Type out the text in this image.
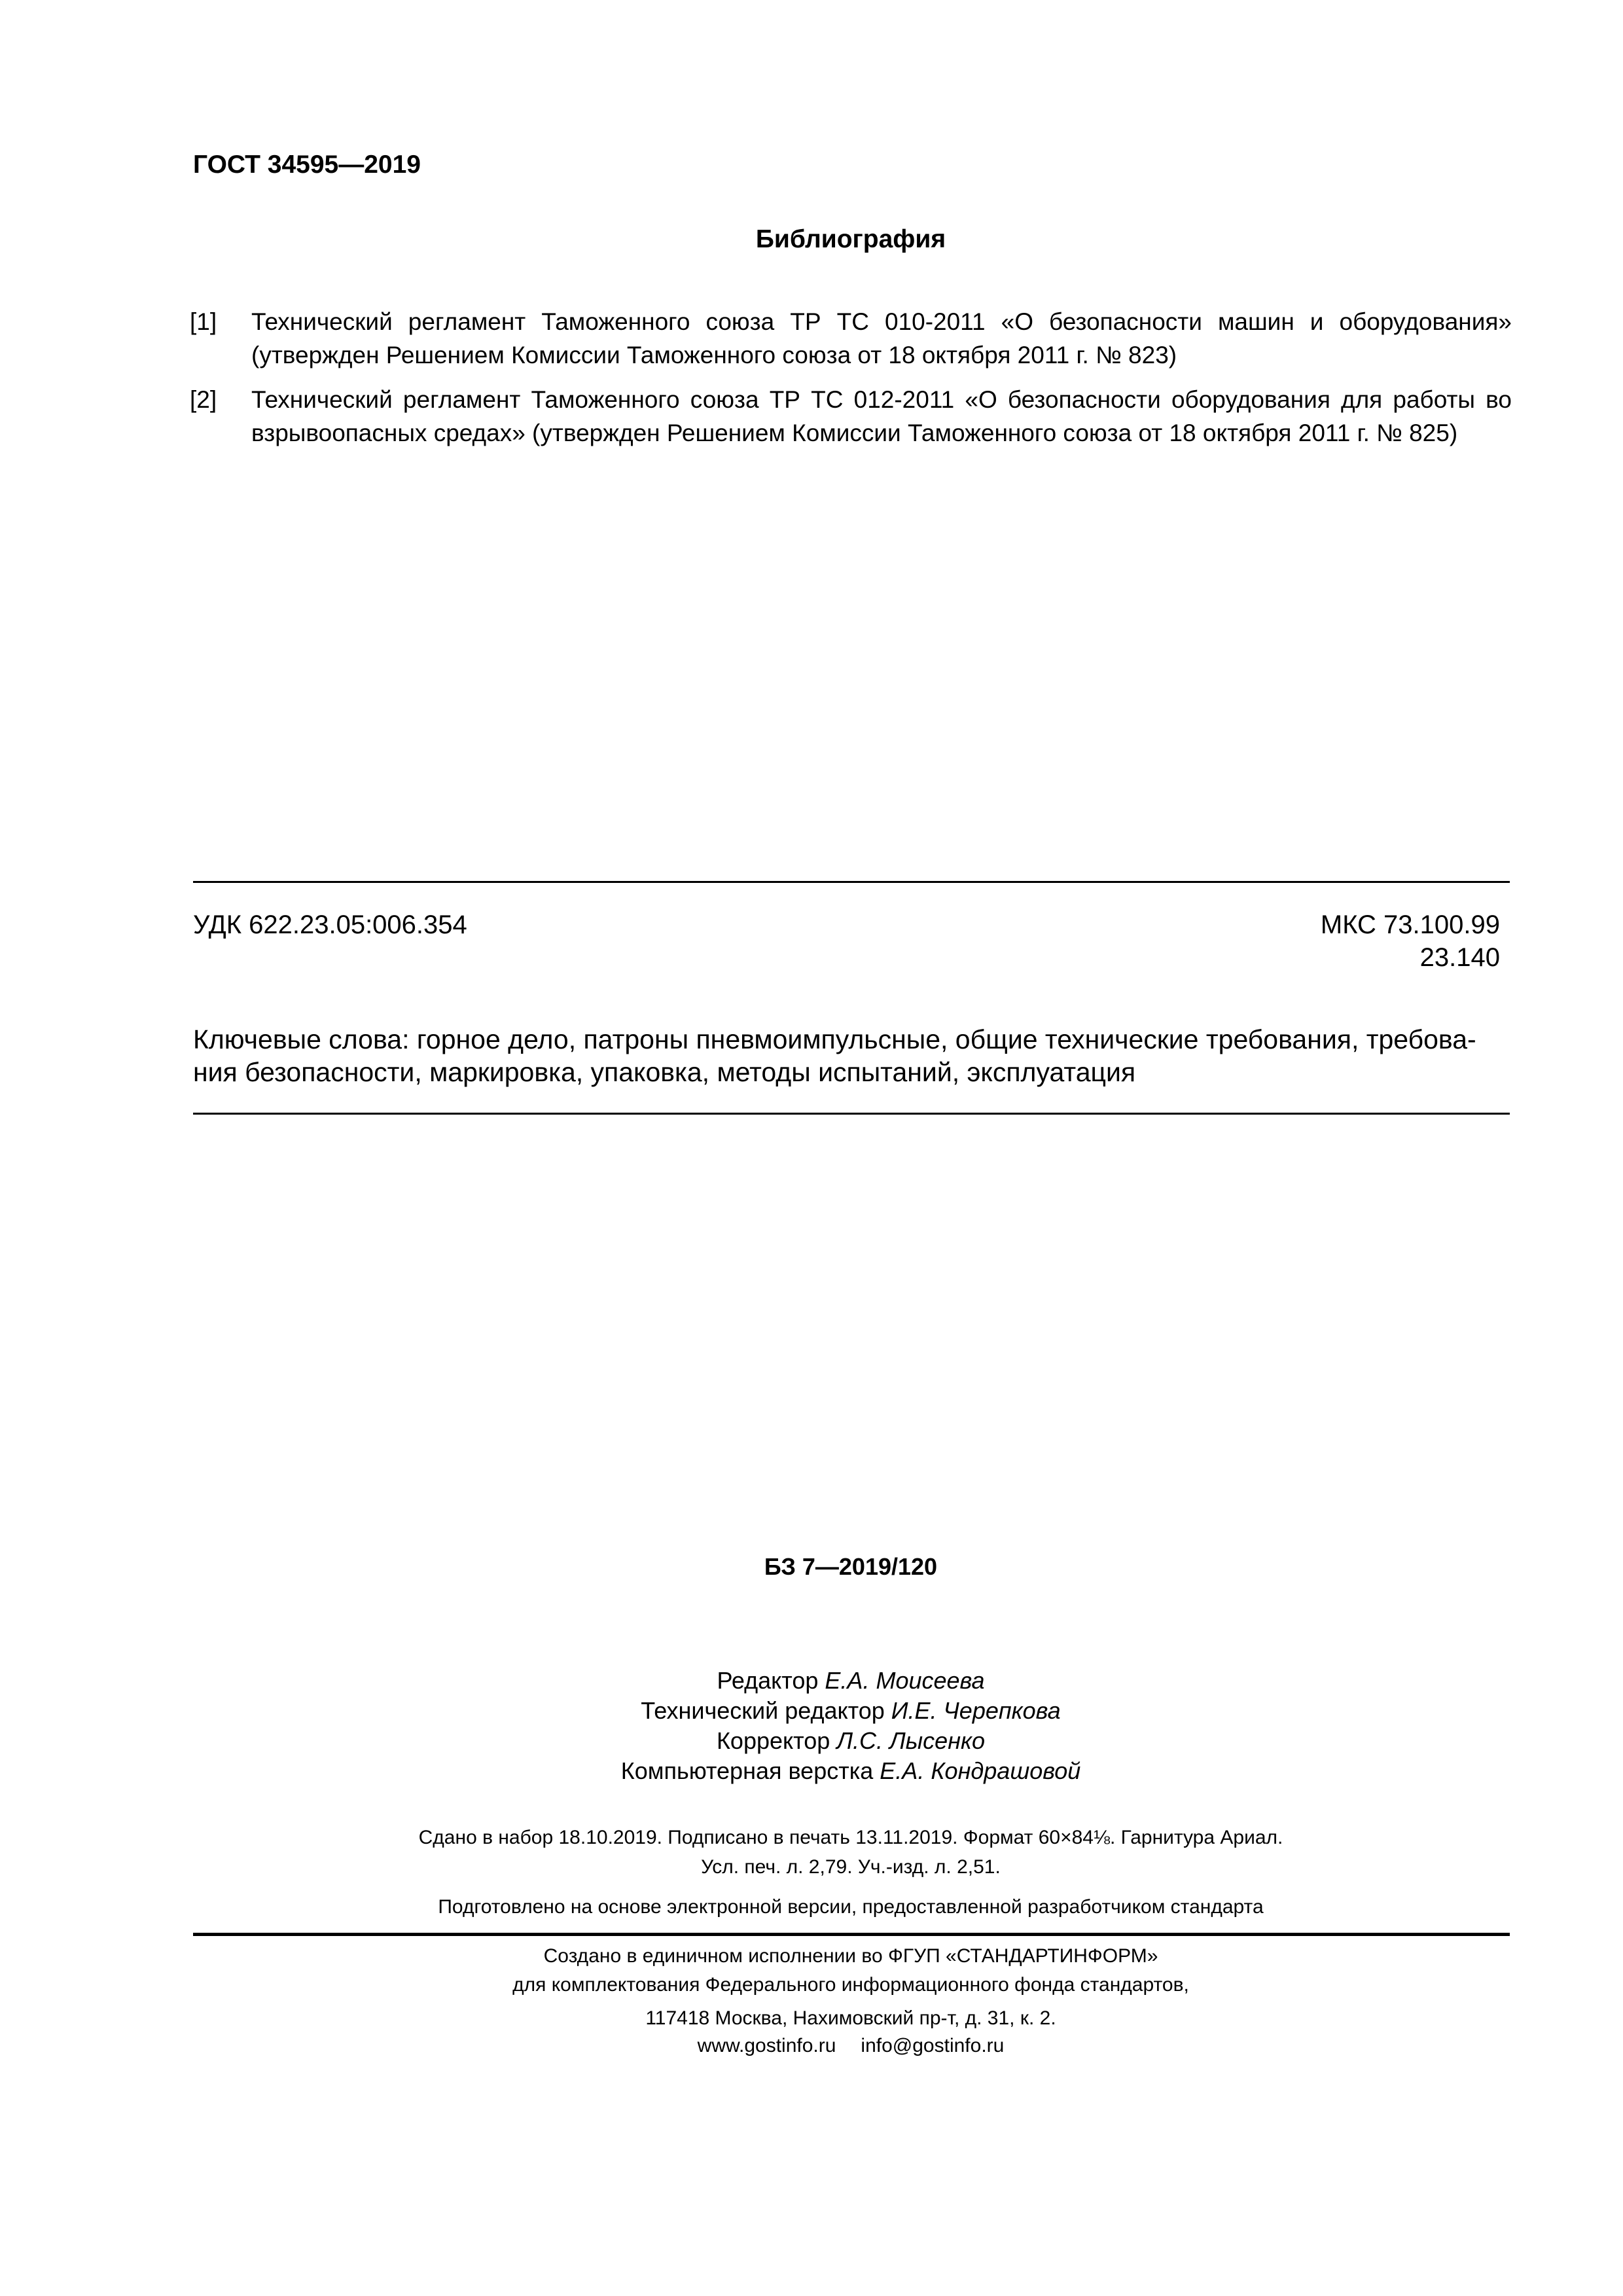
ГОСТ 34595—2019
Библиография
[1] Технический регламент Таможенного союза ТР ТС 010-2011 «О безопасности машин и оборудования» (утвержден Решением Комиссии Таможенного союза от 18 октября 2011 г. № 823)
[2] Технический регламент Таможенного союза ТР ТС 012-2011 «О безопасности оборудования для работы во взрывоопасных средах» (утвержден Решением Комиссии Таможенного союза от 18 октября 2011 г. № 825)
УДК 622.23.05:006.354	МКС 73.100.99
23.140
Ключевые слова: горное дело, патроны пневмоимпульсные, общие технические требования, требова-ния безопасности, маркировка, упаковка, методы испытаний, эксплуатация
БЗ 7—2019/120
Редактор Е.А. Моисеева
Технический редактор И.Е. Черепкова
Корректор Л.С. Лысенко
Компьютерная верстка Е.А. Кондрашовой
Сдано в набор 18.10.2019. Подписано в печать 13.11.2019. Формат 60×84⅛. Гарнитура Ариал.
Усл. печ. л. 2,79. Уч.-изд. л. 2,51.
Подготовлено на основе электронной версии, предоставленной разработчиком стандарта
Создано в единичном исполнении во ФГУП «СТАНДАРТИНФОРМ»
для комплектования Федерального информационного фонда стандартов,
117418 Москва, Нахимовский пр-т, д. 31, к. 2.
www.gostinfo.ru info@gostinfo.ru
